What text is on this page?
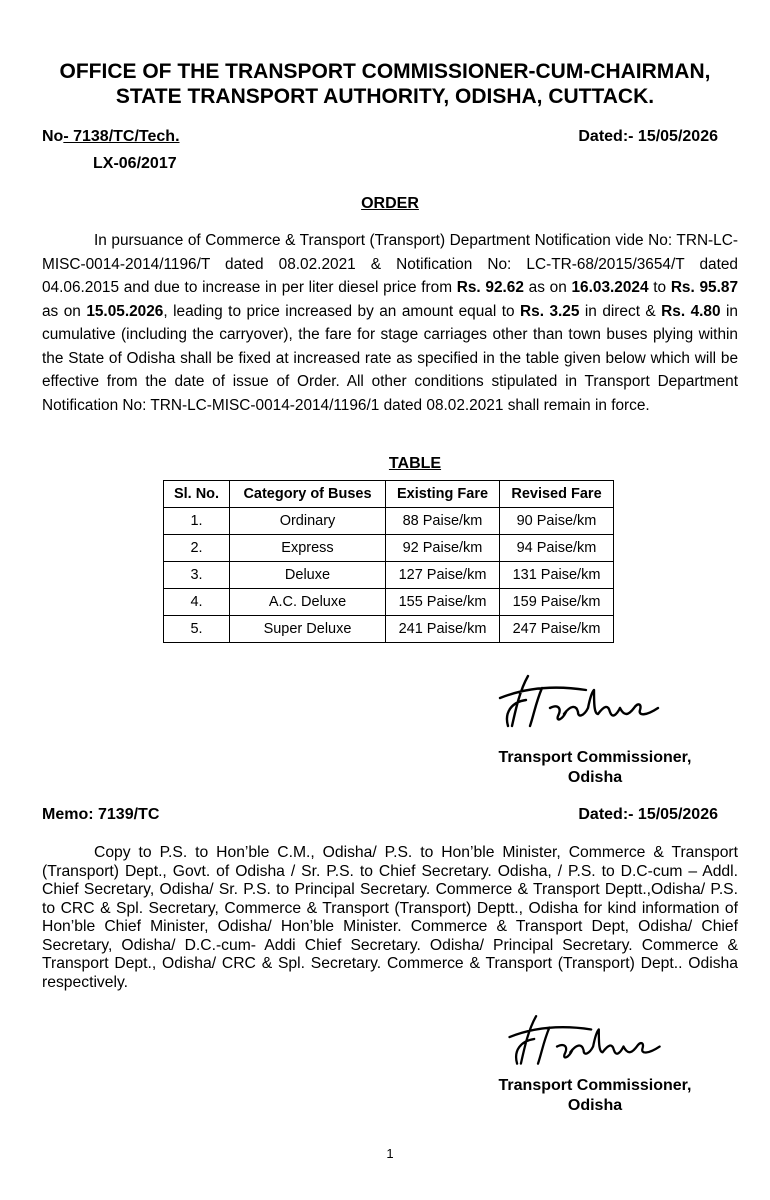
OFFICE OF THE TRANSPORT COMMISSIONER-CUM-CHAIRMAN,
STATE TRANSPORT AUTHORITY, ODISHA, CUTTACK.
No- 7138/TC/Tech.	Dated:- 15/05/2026
LX-06/2017
ORDER

In pursuance of Commerce & Transport (Transport) Department Notification vide No: TRN-LC-MISC-0014-2014/1196/T dated 08.02.2021 & Notification No: LC-TR-68/2015/3654/T dated 04.06.2015 and due to increase in per liter diesel price from Rs. 92.62 as on 16.03.2024 to Rs. 95.87 as on 15.05.2026, leading to price increased by an amount equal to Rs. 3.25 in direct & Rs. 4.80 in cumulative (including the carryover), the fare for stage carriages other than town buses plying within the State of Odisha shall be fixed at increased rate as specified in the table given below which will be effective from the date of issue of Order. All other conditions stipulated in Transport Department Notification No: TRN-LC-MISC-0014-2014/1196/1 dated 08.02.2021 shall remain in force.

TABLE
Sl. No.	Category of Buses	Existing Fare	Revised Fare
1.	Ordinary	88 Paise/km	90 Paise/km
2.	Express	92 Paise/km	94 Paise/km
3.	Deluxe	127 Paise/km	131 Paise/km
4.	A.C. Deluxe	155 Paise/km	159 Paise/km
5.	Super Deluxe	241 Paise/km	247 Paise/km
Transport Commissioner,
Odisha
Memo: 7139/TC	Dated:- 15/05/2026

Copy to P.S. to Hon’ble C.M., Odisha/ P.S. to Hon’ble Minister, Commerce & Transport (Transport) Dept., Govt. of Odisha / Sr. P.S. to Chief Secretary. Odisha, / P.S. to D.C-cum – Addl. Chief Secretary, Odisha/ Sr. P.S. to Principal Secretary. Commerce & Transport Deptt.,Odisha/ P.S. to CRC & Spl. Secretary, Commerce & Transport (Transport) Deptt., Odisha for kind information of Hon’ble Chief Minister, Odisha/ Hon’ble Minister. Commerce & Transport Dept, Odisha/ Chief Secretary, Odisha/ D.C.-cum- Addi Chief Secretary. Odisha/ Principal Secretary. Commerce & Transport Dept., Odisha/ CRC & Spl. Secretary. Commerce & Transport (Transport) Dept.. Odisha respectively.

Transport Commissioner,
Odisha
1
